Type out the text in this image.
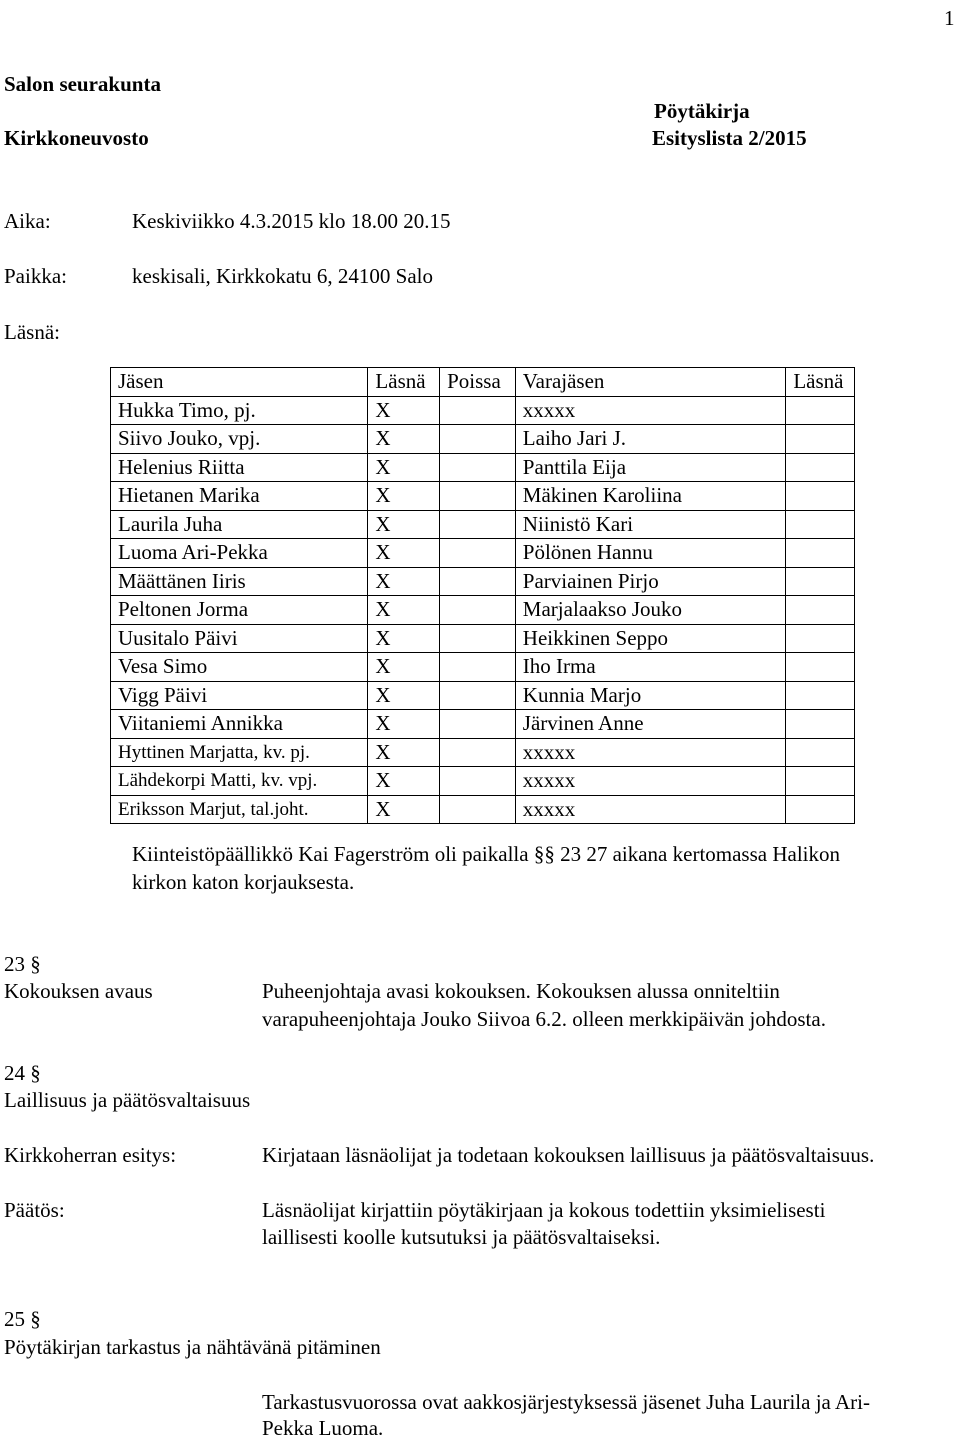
1
Salon seurakunta
Pöytäkirja
Kirkkoneuvosto	Esityslista 2/2015
Aika:	Keskiviikko 4.3.2015 klo 18.00 20.15
Paikka:	keskisali, Kirkkokatu 6, 24100 Salo
Läsnä:
Jäsen	Läsnä	Poissa	Varajäsen	Läsnä
Hukka Timo, pj.	X		xxxxx	
Siivo Jouko, vpj.	X		Laiho Jari J.	
Helenius Riitta	X		Panttila Eija	
Hietanen Marika	X		Mäkinen Karoliina	
Laurila Juha	X		Niinistö Kari	
Luoma Ari-Pekka	X		Pölönen Hannu	
Määttänen Iiris	X		Parviainen Pirjo	
Peltonen Jorma	X		Marjalaakso Jouko	
Uusitalo Päivi	X		Heikkinen Seppo	
Vesa Simo	X		Iho Irma	
Vigg Päivi	X		Kunnia Marjo	
Viitaniemi Annikka	X		Järvinen Anne	
Hyttinen Marjatta, kv. pj.	X		xxxxx	
Lähdekorpi Matti, kv. vpj.	X		xxxxx	
Eriksson Marjut, tal.joht.	X		xxxxx	
Kiinteistöpäällikkö Kai Fagerström oli paikalla §§ 23 27 aikana kertomassa Halikon
kirkon katon korjauksesta.
23 §
Kokouksen avaus	Puheenjohtaja avasi kokouksen. Kokouksen alussa onniteltiin
varapuheenjohtaja Jouko Siivoa 6.2. olleen merkkipäivän johdosta.
24 §
Laillisuus ja päätösvaltaisuus
Kirkkoherran esitys:	Kirjataan läsnäolijat ja todetaan kokouksen laillisuus ja päätösvaltaisuus.
Päätös:	Läsnäolijat kirjattiin pöytäkirjaan ja kokous todettiin yksimielisesti
laillisesti koolle kutsutuksi ja päätösvaltaiseksi.
25 §
Pöytäkirjan tarkastus ja nähtävänä pitäminen
Tarkastusvuorossa ovat aakkosjärjestyksessä jäsenet Juha Laurila ja Ari-
Pekka Luoma.
